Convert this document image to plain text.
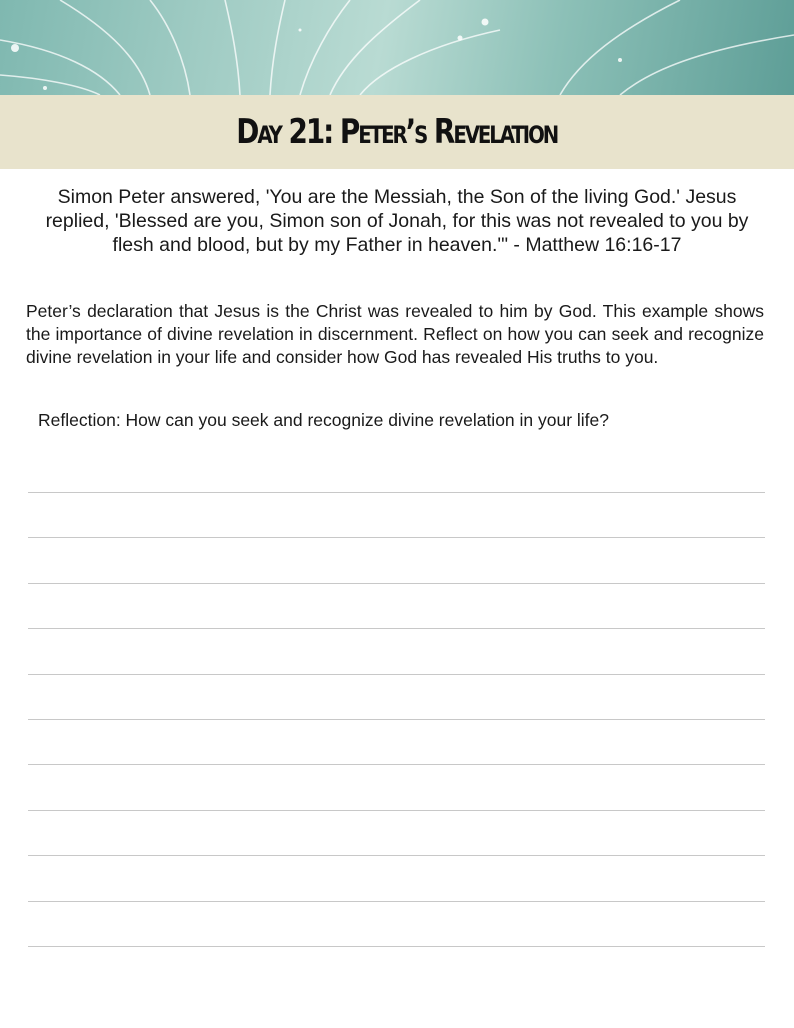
Day 21: Peter’s Revelation

Simon Peter answered, 'You are the Messiah, the Son of the living God.' Jesus replied, 'Blessed are you, Simon son of Jonah, for this was not revealed to you by flesh and blood, but by my Father in heaven.'" - Matthew 16:16-17

Peter’s declaration that Jesus is the Christ was revealed to him by God. This example shows the importance of divine revelation in discernment. Reflect on how you can seek and recognize divine revelation in your life and consider how God has revealed His truths to you.

Reflection: How can you seek and recognize divine revelation in your life?
